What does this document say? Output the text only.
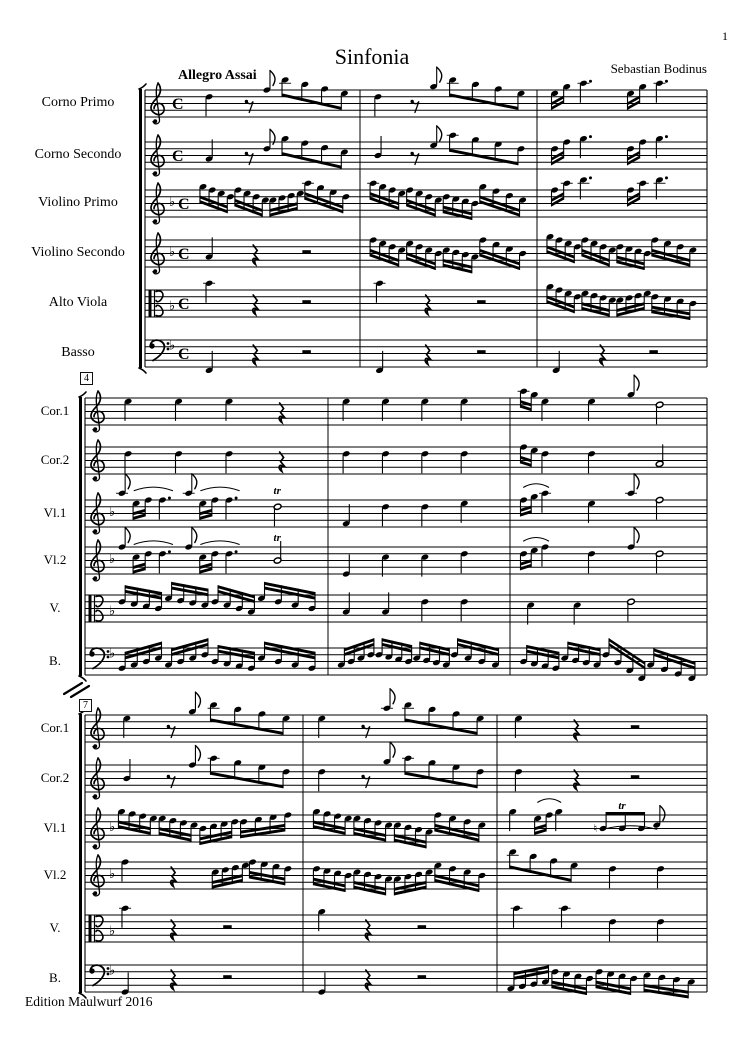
1
Sinfonia	Sebastian Bodinus
Allegro Assai
C
C
♭ C
♭ C
♭ C
♭ C
♭
tr
♭
tr
♭
♭
♭	♮
tr
♭
♭
♭
Corno Primo
Corno Secondo
Violino Primo
Violino Secondo
Alto Viola
Basso
Cor.1
Cor.2
Vl.1
Vl.2
V.
B.
Cor.1
Cor.2
Vl.1
Vl.2
V.
B.
4
7
Edition Maulwurf 2016
